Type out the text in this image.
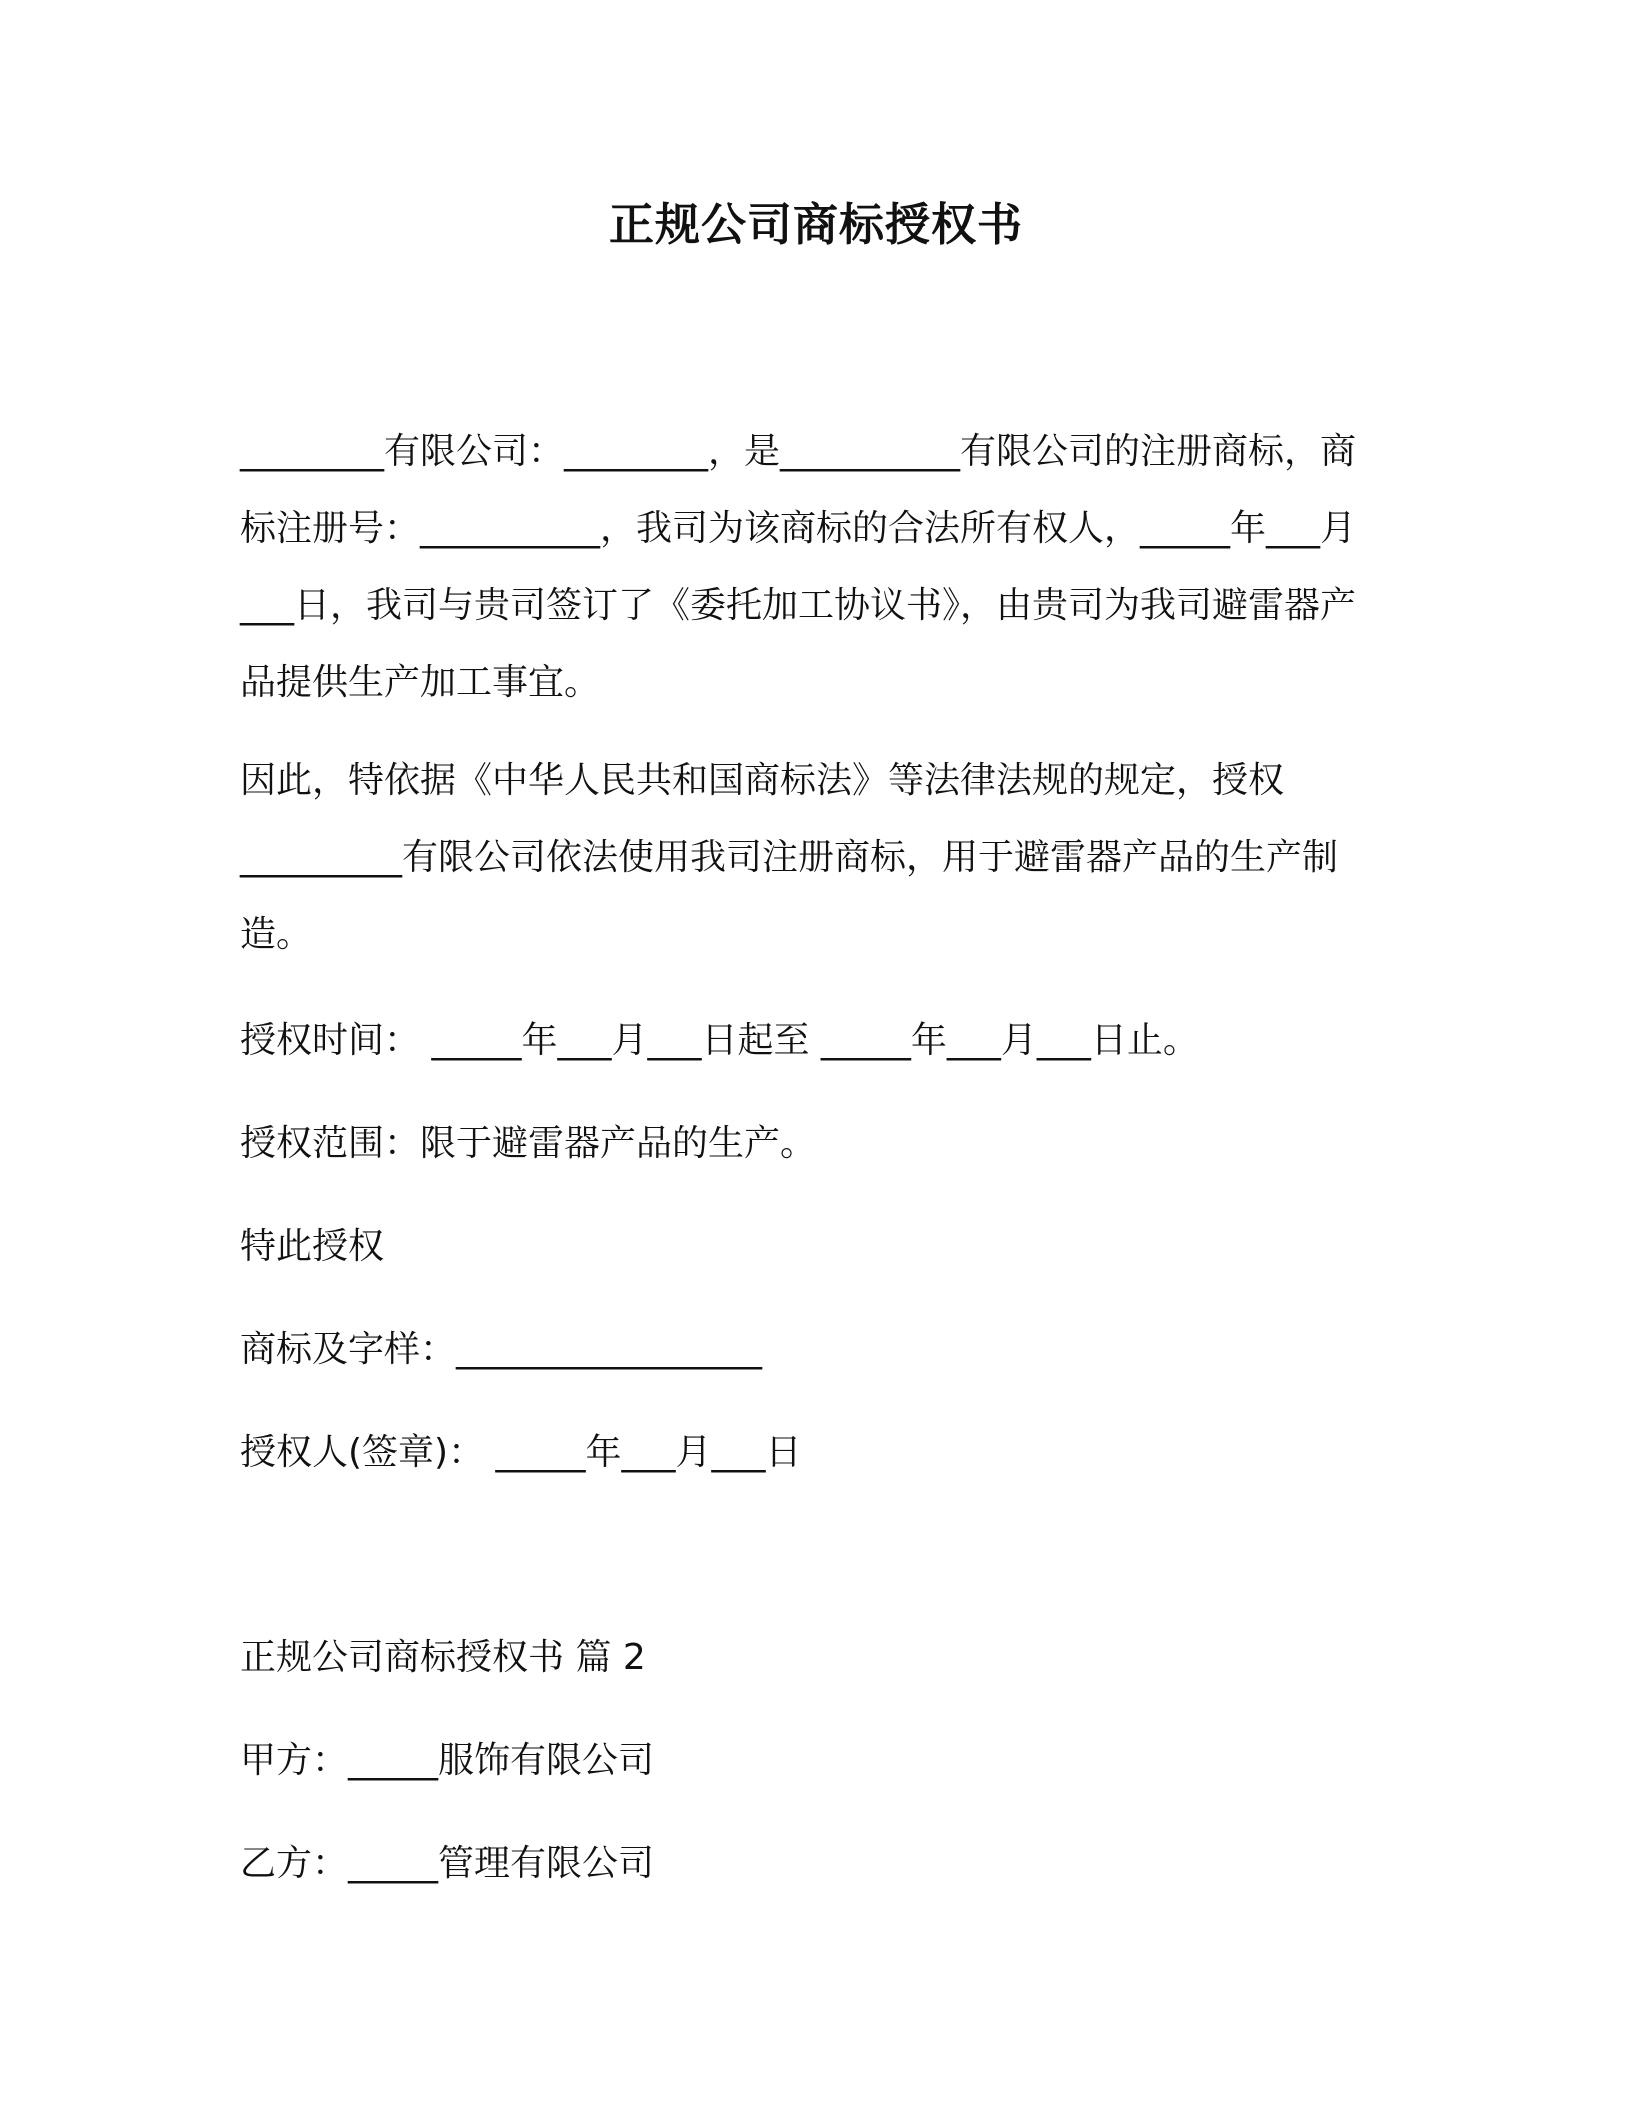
正规公司商标授权书

________有限公司：________，是__________有限公司的注册商标，商标注册号：__________，我司为该商标的合法所有权人，_____年___月___日，我司与贵司签订了《委托加工协议书》，由贵司为我司避雷器产品提供生产加工事宜。

因此，特依据《中华人民共和国商标法》等法律法规的规定，授权_________有限公司依法使用我司注册商标，用于避雷器产品的生产制造。

授权时间： _____年___月___日起至 _____年___月___日止。

授权范围：限于避雷器产品的生产。

特此授权

商标及字样：_________________

授权人(签章)： _____年___月___日

正规公司商标授权书 篇 2

甲方：_____服饰有限公司

乙方：_____管理有限公司
